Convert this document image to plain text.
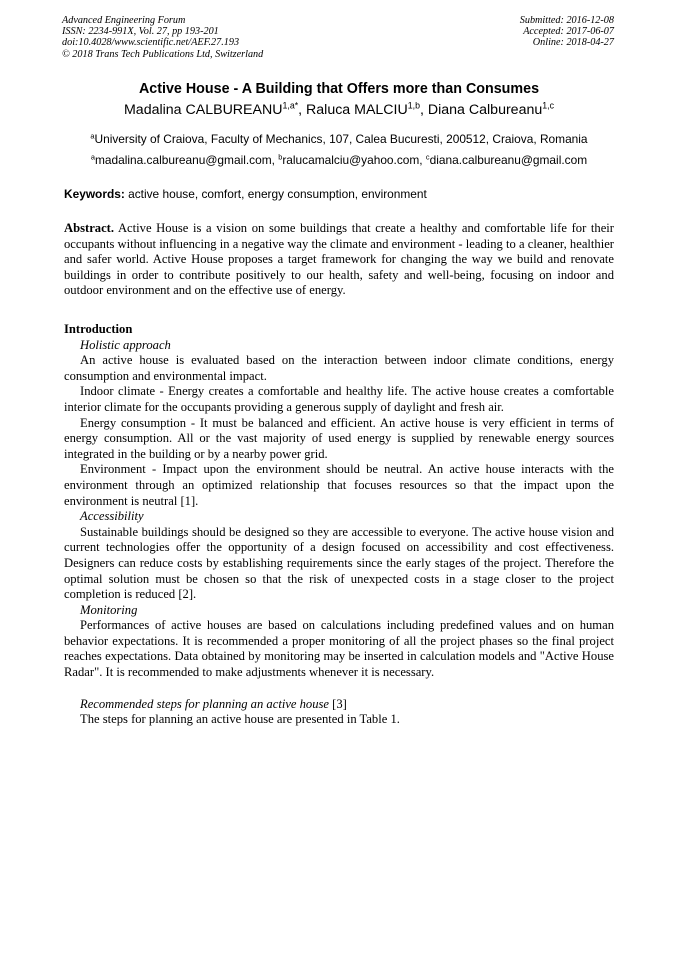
Advanced Engineering Forum
ISSN: 2234-991X, Vol. 27, pp 193-201
doi:10.4028/www.scientific.net/AEF.27.193
© 2018 Trans Tech Publications Ltd, Switzerland
Submitted: 2016-12-08
Accepted: 2017-06-07
Online: 2018-04-27
Active House - A Building that Offers more than Consumes
Madalina $CALBUREANU^{1,a*}$, Raluca MALCIU$^{1,b}$, Diana Calbureanu$^{1,c}$
$^a$University of Craiova, Faculty of Mechanics, 107, Calea Bucuresti, 200512, Craiova, Romania
$^a$madalina.calbureanu@gmail.com, $^b$ralucamalciu@yahoo.com, $^c$diana.calbureanu@gmail.com
Keywords: active house, comfort, energy consumption, environment
Abstract. Active House is a vision on some buildings that create a healthy and comfortable life for their occupants without influencing in a negative way the climate and environment - leading to a cleaner, healthier and safer world. Active House proposes a target framework for changing the way we build and renovate buildings in order to contribute positively to our health, safety and well-being, focusing on indoor and outdoor environment and on the effective use of energy.
Introduction
Holistic approach

An active house is evaluated based on the interaction between indoor climate conditions, energy consumption and environmental impact.

Indoor climate - Energy creates a comfortable and healthy life. The active house creates a comfortable interior climate for the occupants providing a generous supply of daylight and fresh air.

Energy consumption - It must be balanced and efficient. An active house is very efficient in terms of energy consumption. All or the vast majority of used energy is supplied by renewable energy sources integrated in the building or by a nearby power grid.

Environment - Impact upon the environment should be neutral. An active house interacts with the environment through an optimized relationship that focuses resources so that the impact upon the environment is neutral [1].

Accessibility

Sustainable buildings should be designed so they are accessible to everyone. The active house vision and current technologies offer the opportunity of a design focused on accessibility and cost effectiveness. Designers can reduce costs by establishing requirements since the early stages of the project. Therefore the optimal solution must be chosen so that the risk of unexpected costs in a stage closer to the project completion is reduced [2].

Monitoring

Performances of active houses are based on calculations including predefined values and on human behavior expectations. It is recommended a proper monitoring of all the project phases so the final project reaches expectations. Data obtained by monitoring may be inserted in calculation models and "Active House Radar". It is recommended to make adjustments whenever it is necessary.

Recommended steps for planning an active house [3]

The steps for planning an active house are presented in Table 1.
